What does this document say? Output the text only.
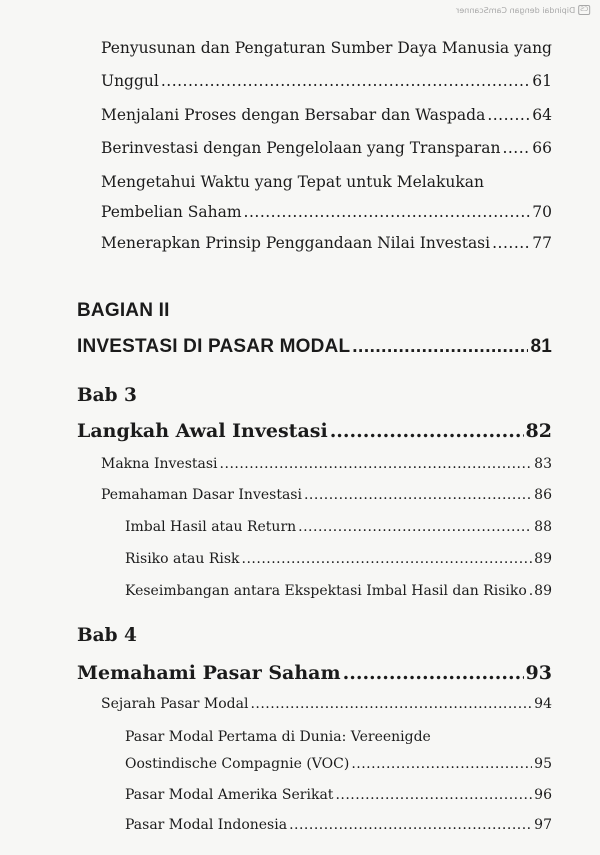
CS
Dipindai dengan CamScanner
Penyusunan dan Pengaturan Sumber Daya Manusia yang
Unggul .....	61
Menjalani Proses dengan Bersabar dan Waspada .....	64
Berinvestasi dengan Pengelolaan yang Transparan ..... 66
Mengetahui Waktu yang Tepat untuk Melakukan
Pembelian Saham .....	70
Menerapkan Prinsip Penggandaan Nilai Investasi .....	77
BAGIAN II
INVESTASI DI PASAR MODAL .....	81
Bab 3
Langkah Awal Investasi .....	82
Makna Investasi .....	83
Pemahaman Dasar Investasi .....	86
Imbal Hasil atau Return .....	88
Risiko atau Risk .....	89
Keseimbangan antara Ekspektasi Imbal Hasil dan Risiko ..... 89
Bab 4
Memahami Pasar Saham .....	93
Sejarah Pasar Modal .....	94
Pasar Modal Pertama di Dunia: Vereenigde
Oostindische Compagnie (VOC) .....	95
Pasar Modal Amerika Serikat .....	96
Pasar Modal Indonesia .....	97
